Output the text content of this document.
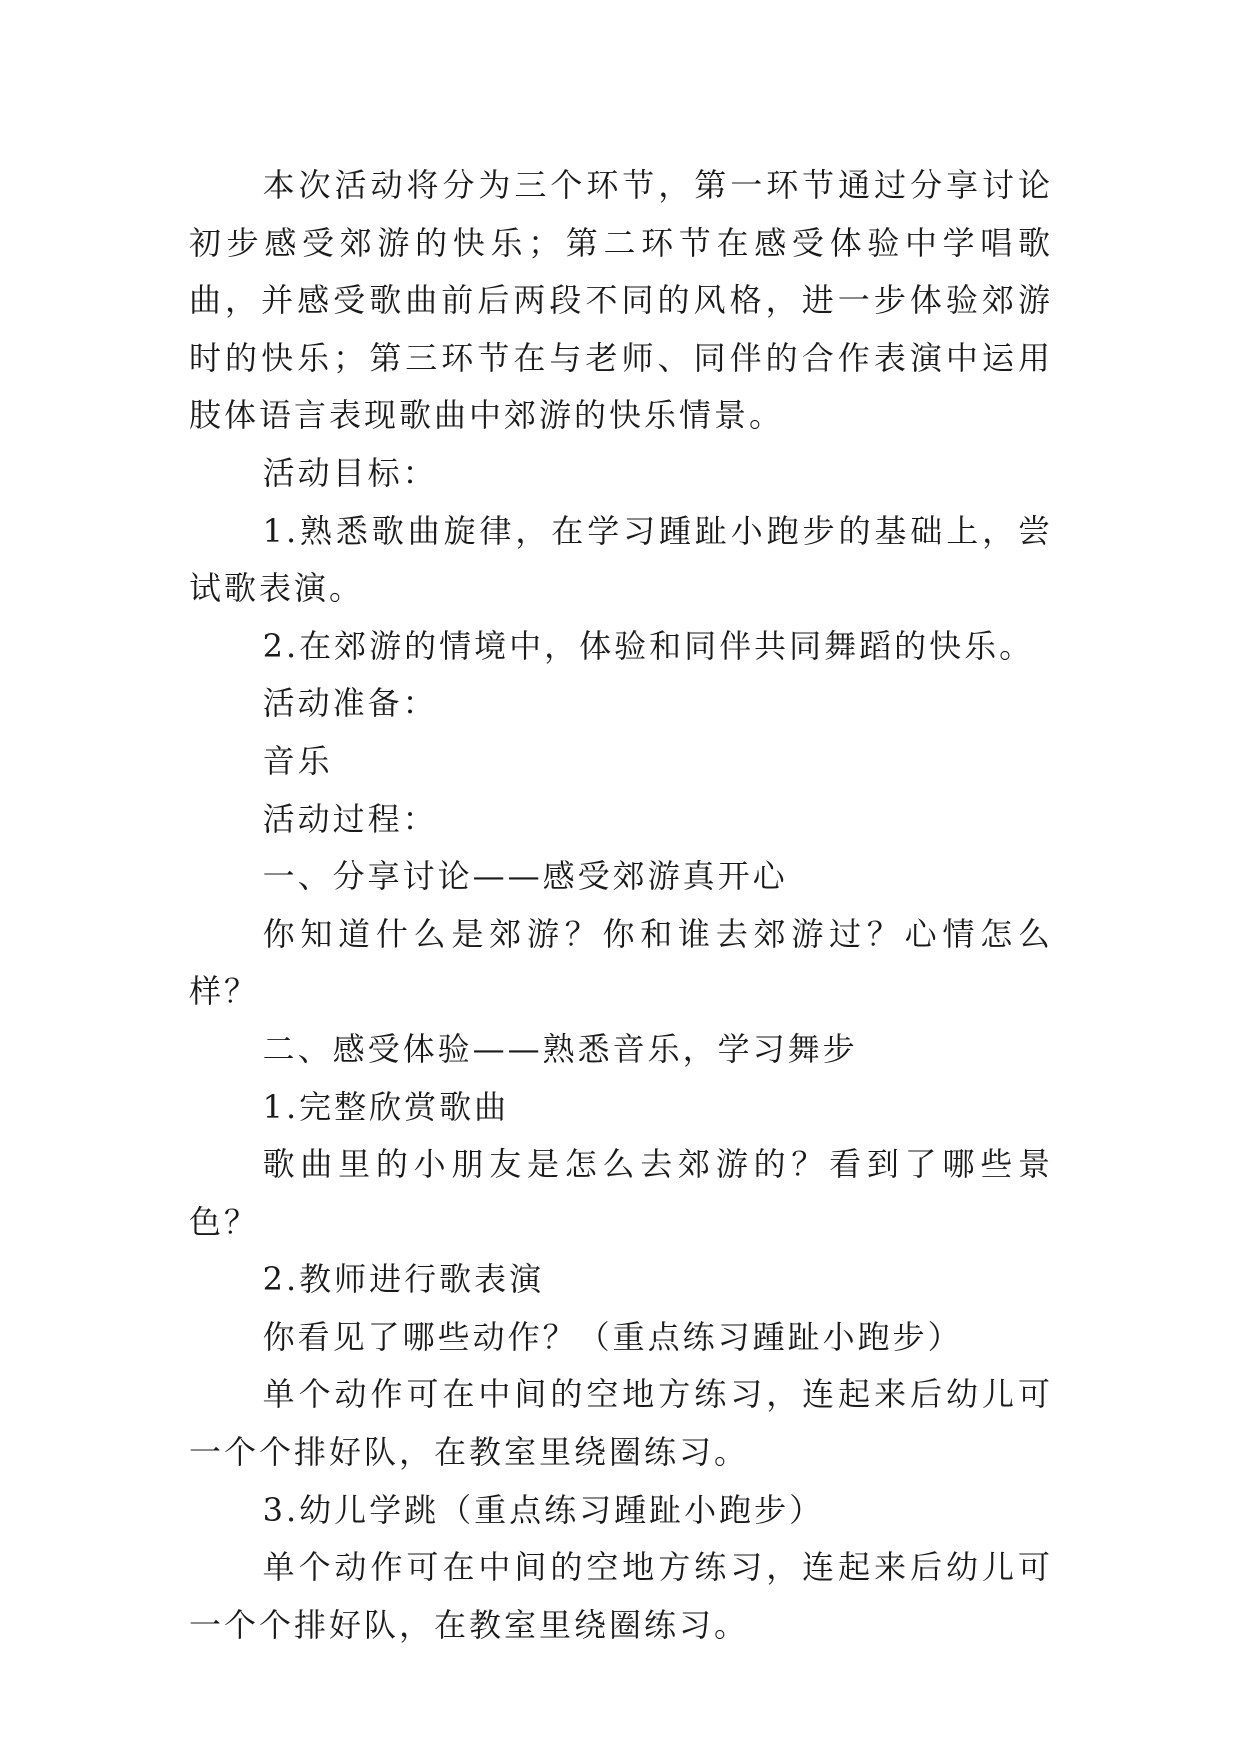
本次活动将分为三个环节，第一环节通过分享讨论初步感受郊游的快乐；第二环节在感受体验中学唱歌曲，并感受歌曲前后两段不同的风格，进一步体验郊游时的快乐；第三环节在与老师、同伴的合作表演中运用肢体语言表现歌曲中郊游的快乐情景。

活动目标：

1.熟悉歌曲旋律，在学习踵趾小跑步的基础上，尝试歌表演。

2.在郊游的情境中，体验和同伴共同舞蹈的快乐。

活动准备：

音乐

活动过程：

一、分享讨论——感受郊游真开心

你知道什么是郊游？你和谁去郊游过？心情怎么样？

二、感受体验——熟悉音乐，学习舞步

1.完整欣赏歌曲

歌曲里的小朋友是怎么去郊游的？看到了哪些景色？

2.教师进行歌表演

你看见了哪些动作？（重点练习踵趾小跑步）

单个动作可在中间的空地方练习，连起来后幼儿可一个个排好队，在教室里绕圈练习。

3.幼儿学跳（重点练习踵趾小跑步）

单个动作可在中间的空地方练习，连起来后幼儿可一个个排好队，在教室里绕圈练习。
